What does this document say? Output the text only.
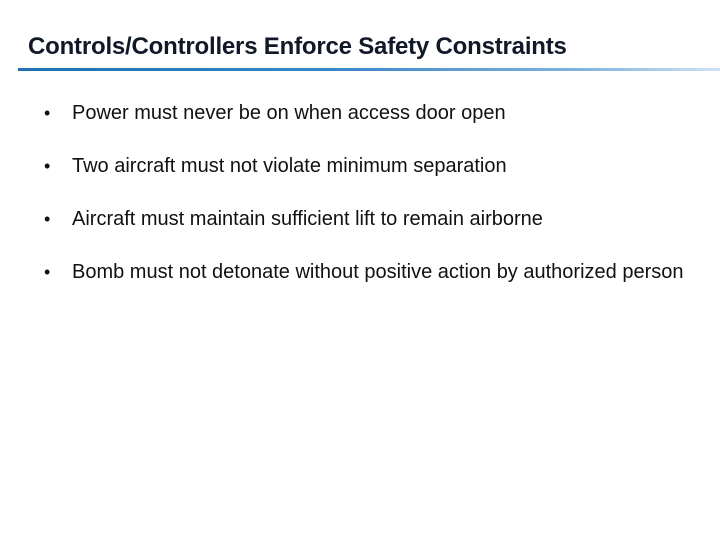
Controls/Controllers Enforce Safety Constraints
• Power must never be on when access door open
• Two aircraft must not violate minimum separation
• Aircraft must maintain sufficient lift to remain airborne
• Bomb must not detonate without positive action by authorized person
